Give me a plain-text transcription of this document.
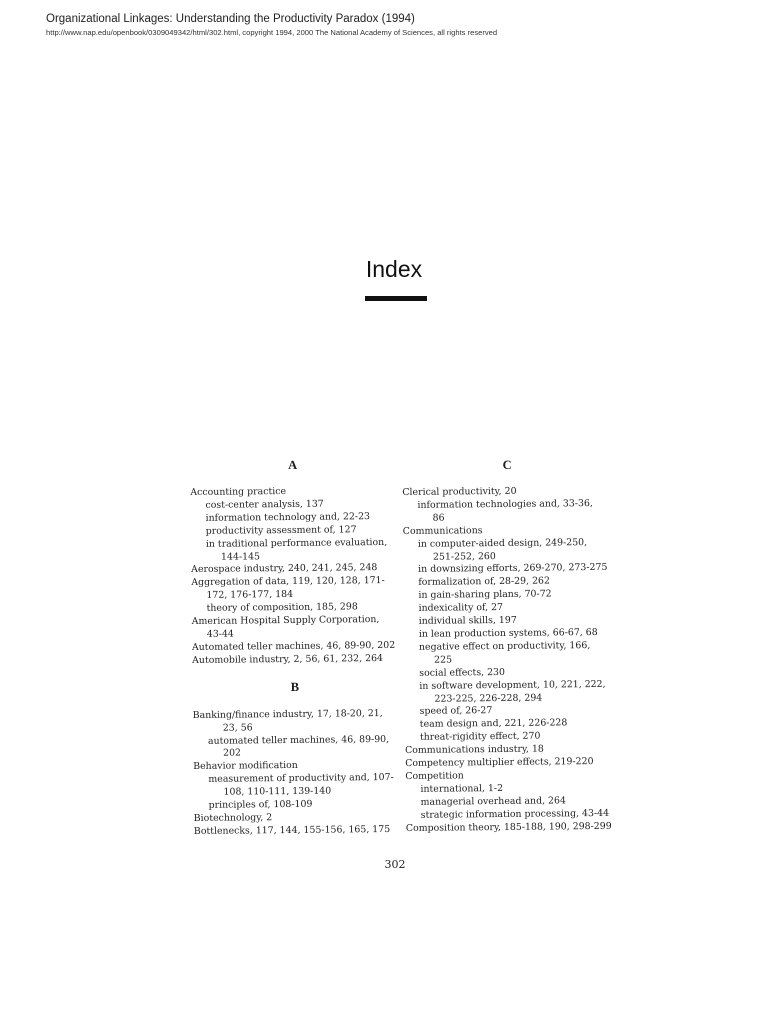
Organizational Linkages: Understanding the Productivity Paradox (1994)
http://www.nap.edu/openbook/0309049342/html/302.html, copyright 1994, 2000 The National Academy of Sciences, all rights reserved
Index
A
Accounting practice
cost-center analysis, 137
information technology and, 22-23
productivity assessment of, 127
in traditional performance evaluation,
144-145
Aerospace industry, 240, 241, 245, 248
Aggregation of data, 119, 120, 128, 171-
172, 176-177, 184
theory of composition, 185, 298
American Hospital Supply Corporation,
43-44
Automated teller machines, 46, 89-90, 202
Automobile industry, 2, 56, 61, 232, 264
B
Banking/finance industry, 17, 18-20, 21,
23, 56
automated teller machines, 46, 89-90,
202
Behavior modification
measurement of productivity and, 107-
108, 110-111, 139-140
principles of, 108-109
Biotechnology, 2
Bottlenecks, 117, 144, 155-156, 165, 175
C
Clerical productivity, 20
information technologies and, 33-36,
86
Communications
in computer-aided design, 249-250,
251-252, 260
in downsizing efforts, 269-270, 273-275
formalization of, 28-29, 262
in gain-sharing plans, 70-72
indexicality of, 27
individual skills, 197
in lean production systems, 66-67, 68
negative effect on productivity, 166,
225
social effects, 230
in software development, 10, 221, 222,
223-225, 226-228, 294
speed of, 26-27
team design and, 221, 226-228
threat-rigidity effect, 270
Communications industry, 18
Competency multiplier effects, 219-220
Competition
international, 1-2
managerial overhead and, 264
strategic information processing, 43-44
Composition theory, 185-188, 190, 298-299
302
